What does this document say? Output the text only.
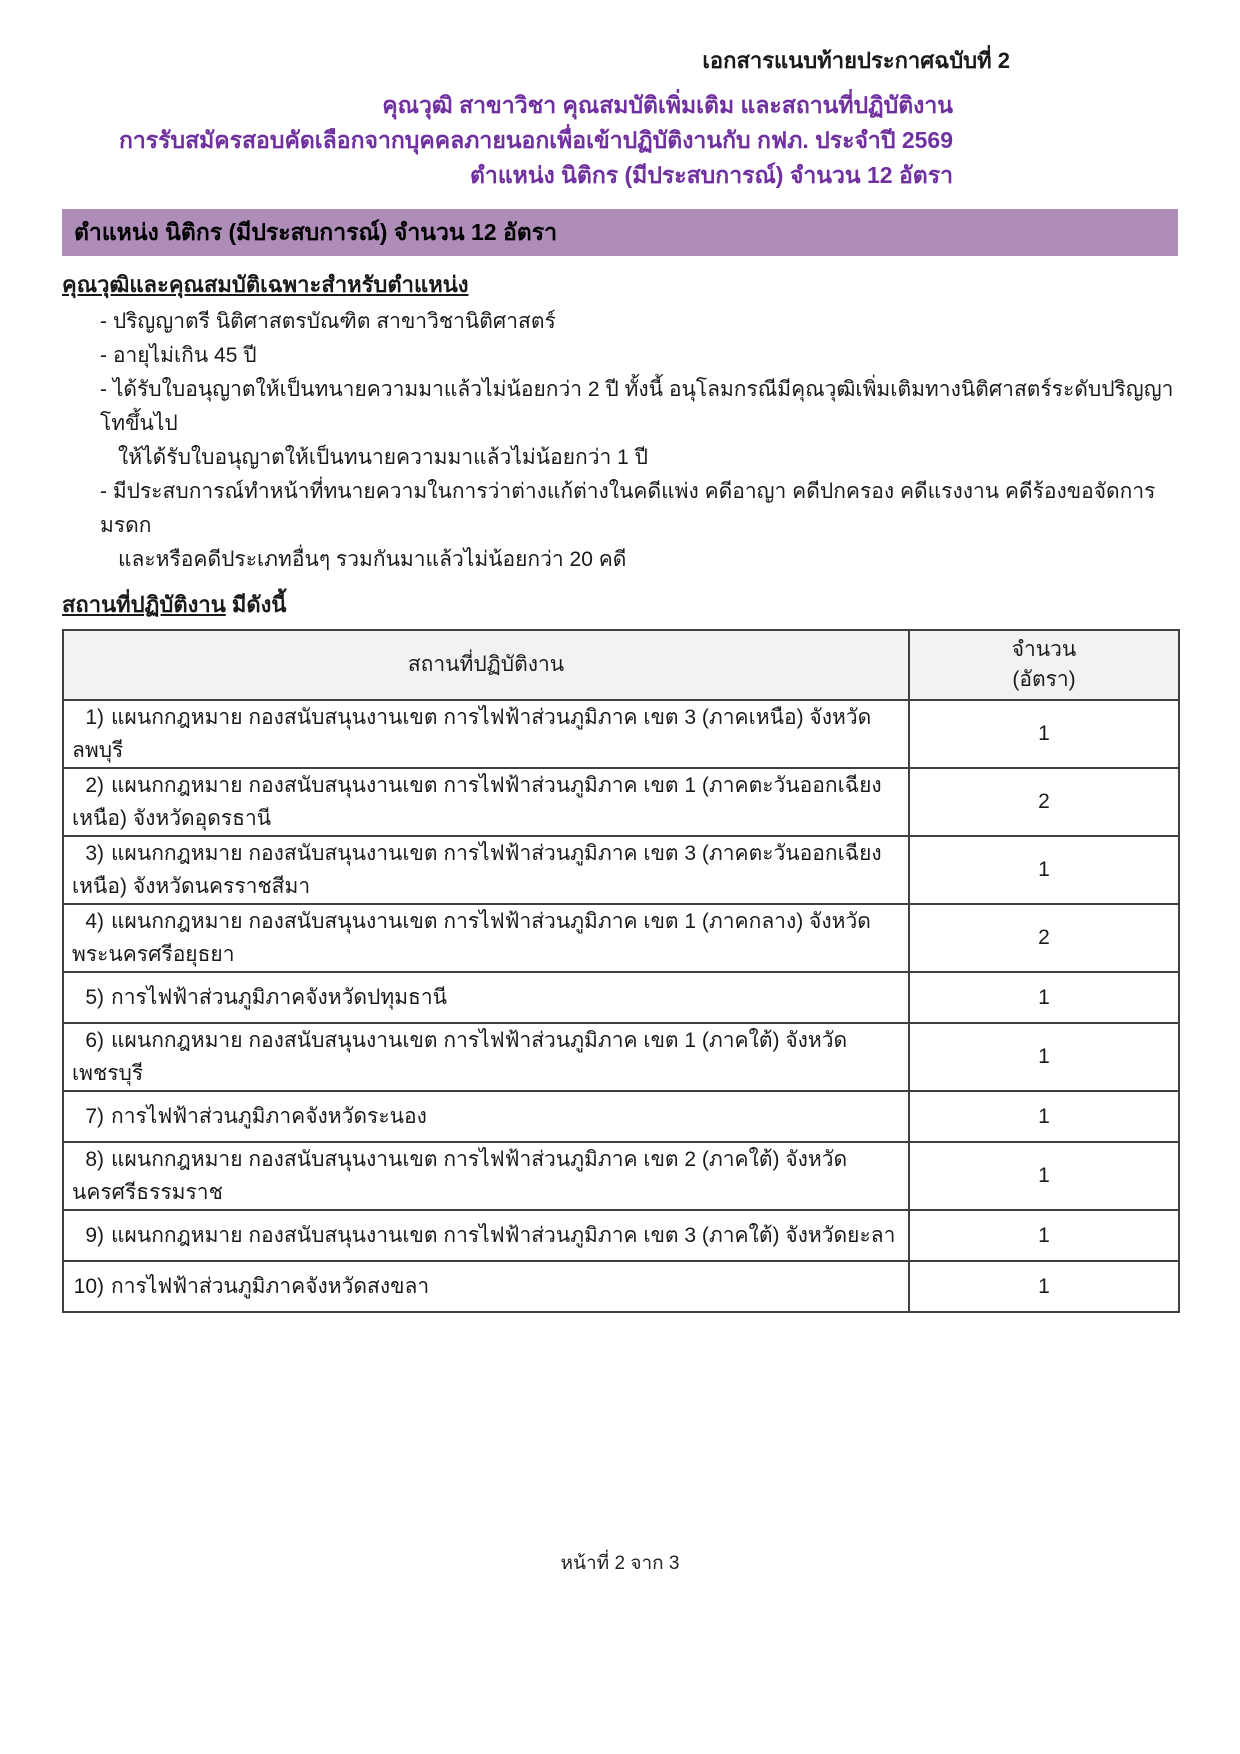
เอกสารแนบท้ายประกาศฉบับที่ 2
คุณวุฒิ สาขาวิชา คุณสมบัติเพิ่มเติม และสถานที่ปฏิบัติงาน
การรับสมัครสอบคัดเลือกจากบุคคลภายนอกเพื่อเข้าปฏิบัติงานกับ กฟภ. ประจำปี 2569
ตำแหน่ง นิติกร (มีประสบการณ์) จำนวน 12 อัตรา
ตำแหน่ง นิติกร (มีประสบการณ์) จำนวน 12 อัตรา
คุณวุฒิและคุณสมบัติเฉพาะสำหรับตำแหน่ง
- ปริญญาตรี นิติศาสตรบัณฑิต สาขาวิชานิติศาสตร์
- อายุไม่เกิน 45 ปี
- ได้รับใบอนุญาตให้เป็นทนายความมาแล้วไม่น้อยกว่า 2 ปี ทั้งนี้ อนุโลมกรณีมีคุณวุฒิเพิ่มเติมทางนิติศาสตร์ระดับปริญญาโทขึ้นไป
ให้ได้รับใบอนุญาตให้เป็นทนายความมาแล้วไม่น้อยกว่า 1 ปี
- มีประสบการณ์ทำหน้าที่ทนายความในการว่าต่างแก้ต่างในคดีแพ่ง คดีอาญา คดีปกครอง คดีแรงงาน คดีร้องขอจัดการมรดก
และหรือคดีประเภทอื่นๆ รวมกันมาแล้วไม่น้อยกว่า 20 คดี
สถานที่ปฏิบัติงาน มีดังนี้
สถานที่ปฏิบัติงาน	จำนวน
(อัตรา)

1) แผนกกฎหมาย กองสนับสนุนงานเขต การไฟฟ้าส่วนภูมิภาค เขต 3 (ภาคเหนือ) จังหวัดลพบุรี	1
2) แผนกกฎหมาย กองสนับสนุนงานเขต การไฟฟ้าส่วนภูมิภาค เขต 1 (ภาคตะวันออกเฉียงเหนือ) จังหวัดอุดรธานี	2
3) แผนกกฎหมาย กองสนับสนุนงานเขต การไฟฟ้าส่วนภูมิภาค เขต 3 (ภาคตะวันออกเฉียงเหนือ) จังหวัดนครราชสีมา	1
4) แผนกกฎหมาย กองสนับสนุนงานเขต การไฟฟ้าส่วนภูมิภาค เขต 1 (ภาคกลาง) จังหวัดพระนครศรีอยุธยา	2
5) การไฟฟ้าส่วนภูมิภาคจังหวัดปทุมธานี	1
6) แผนกกฎหมาย กองสนับสนุนงานเขต การไฟฟ้าส่วนภูมิภาค เขต 1 (ภาคใต้) จังหวัดเพชรบุรี	1
7) การไฟฟ้าส่วนภูมิภาคจังหวัดระนอง	1
8) แผนกกฎหมาย กองสนับสนุนงานเขต การไฟฟ้าส่วนภูมิภาค เขต 2 (ภาคใต้) จังหวัดนครศรีธรรมราช	1
9) แผนกกฎหมาย กองสนับสนุนงานเขต การไฟฟ้าส่วนภูมิภาค เขต 3 (ภาคใต้) จังหวัดยะลา	1
10) การไฟฟ้าส่วนภูมิภาคจังหวัดสงขลา	1
หน้าที่ 2 จาก 3
